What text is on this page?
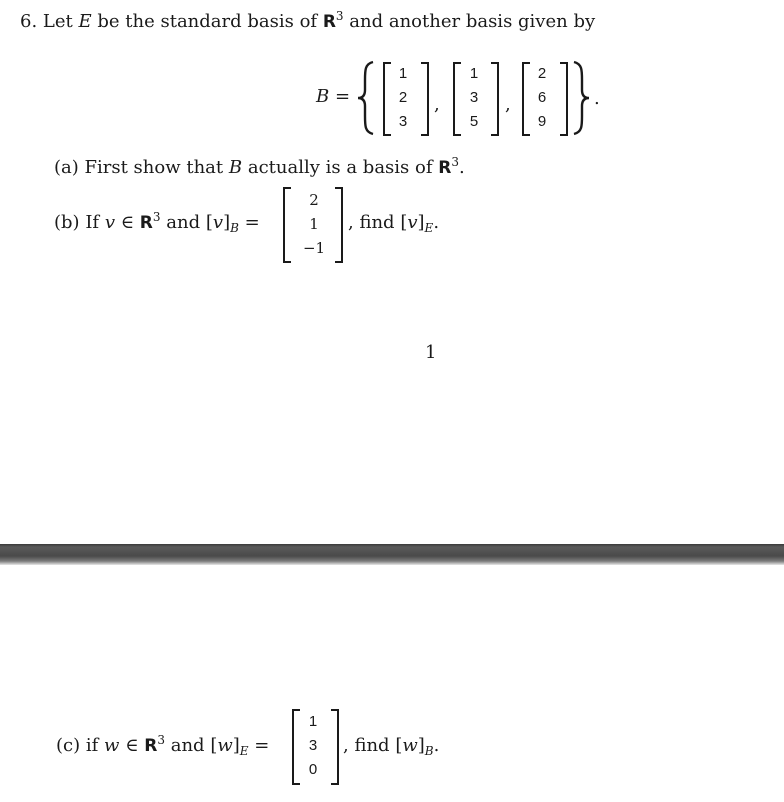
6. Let E be the standard basis of $R^3$ and another basis given by
B =
1
2
3
,
1
3
5
,
2
6
9
.
(a) First show that B actually is a basis of $R^3$.
(b) If v ∈ $R^3$ and $[v]_B$ =
2
1
−1
, find $[v]_E$.
1
(c) if w ∈ $R^3$ and $[w]_E$ =
1
3
0
, find $[w]_B$.
